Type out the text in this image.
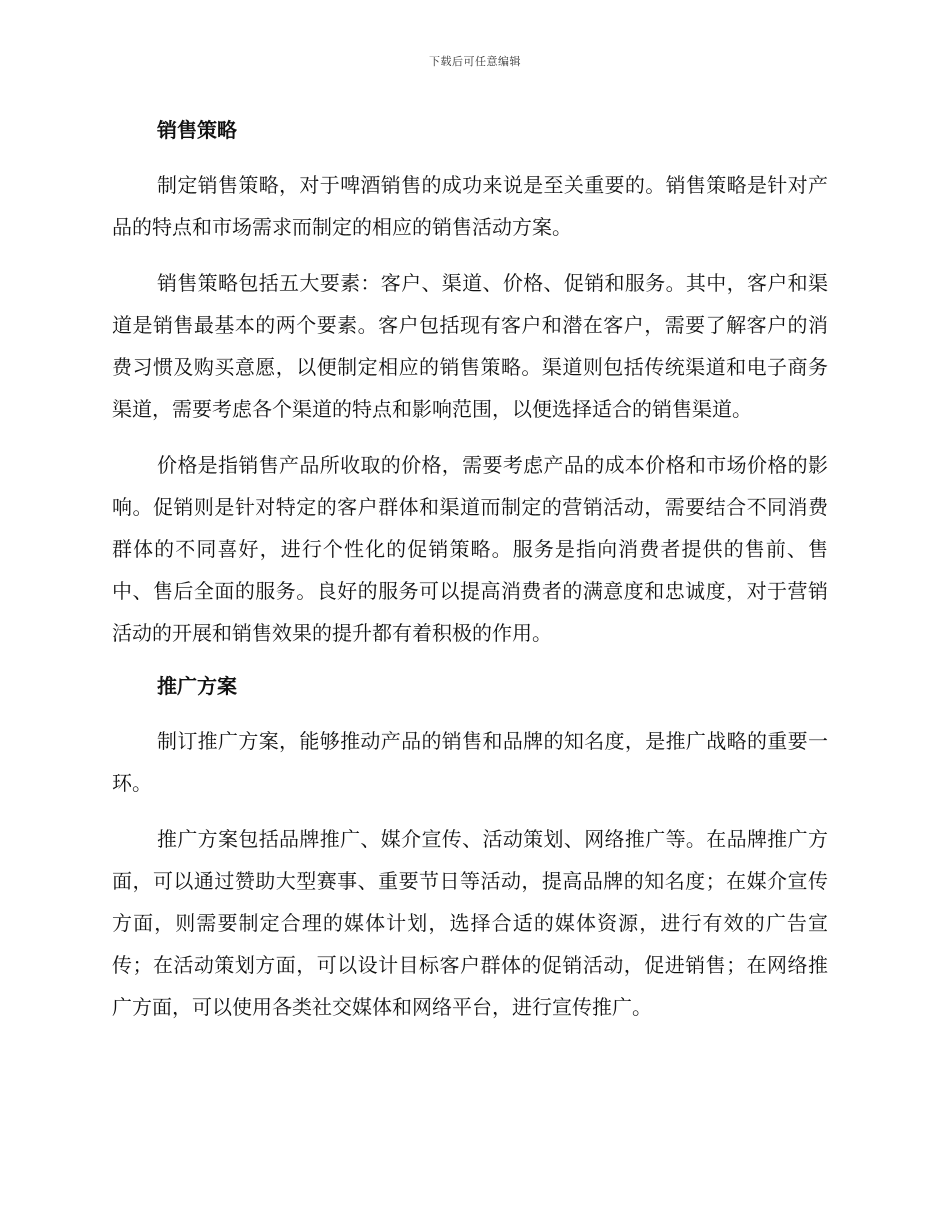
下载后可任意编辑
销售策略

制定销售策略，对于啤酒销售的成功来说是至关重要的。销售策略是针对产品的特点和市场需求而制定的相应的销售活动方案。

销售策略包括五大要素：客户、渠道、价格、促销和服务。其中，客户和渠道是销售最基本的两个要素。客户包括现有客户和潜在客户，需要了解客户的消费习惯及购买意愿，以便制定相应的销售策略。渠道则包括传统渠道和电子商务渠道，需要考虑各个渠道的特点和影响范围，以便选择适合的销售渠道。

价格是指销售产品所收取的价格，需要考虑产品的成本价格和市场价格的影响。促销则是针对特定的客户群体和渠道而制定的营销活动，需要结合不同消费群体的不同喜好，进行个性化的促销策略。服务是指向消费者提供的售前、售中、售后全面的服务。良好的服务可以提高消费者的满意度和忠诚度，对于营销活动的开展和销售效果的提升都有着积极的作用。

推广方案

制订推广方案，能够推动产品的销售和品牌的知名度，是推广战略的重要一环。

推广方案包括品牌推广、媒介宣传、活动策划、网络推广等。在品牌推广方面，可以通过赞助大型赛事、重要节日等活动，提高品牌的知名度；在媒介宣传方面，则需要制定合理的媒体计划，选择合适的媒体资源，进行有效的广告宣传；在活动策划方面，可以设计目标客户群体的促销活动，促进销售；在网络推广方面，可以使用各类社交媒体和网络平台，进行宣传推广。
